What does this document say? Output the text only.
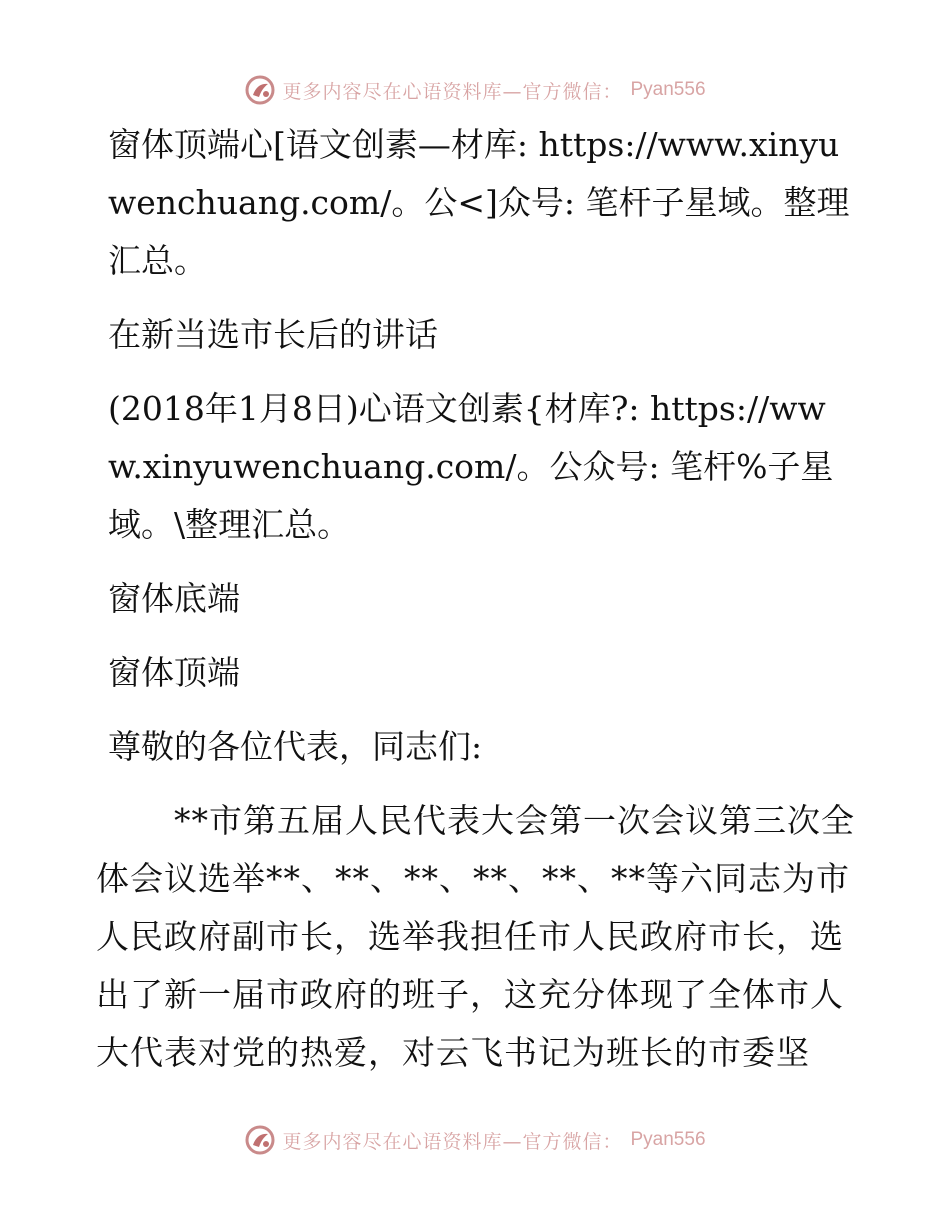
更多内容尽在心语资料库—官方微信： Pyan556

窗体顶端心[语文创素—材库: https://www.xinyuwenchuang.com/。公<]众号: 笔杆子星域。整理汇总。

在新当选市长后的讲话

(2018年1月8日)心语文创素{材库?: https://www.xinyuwenchuang.com/。公众号: 笔杆%子星域。\整理汇总。

窗体底端

窗体顶端

尊敬的各位代表，同志们:

**市第五届人民代表大会第一次会议第三次全体会议选举**、**、**、**、**、**等六同志为市人民政府副市长，选举我担任市人民政府市长，选出了新一届市政府的班子，这充分体现了全体市人大代表对党的热爱，对云飞书记为班长的市委坚

更多内容尽在心语资料库—官方微信： Pyan556
